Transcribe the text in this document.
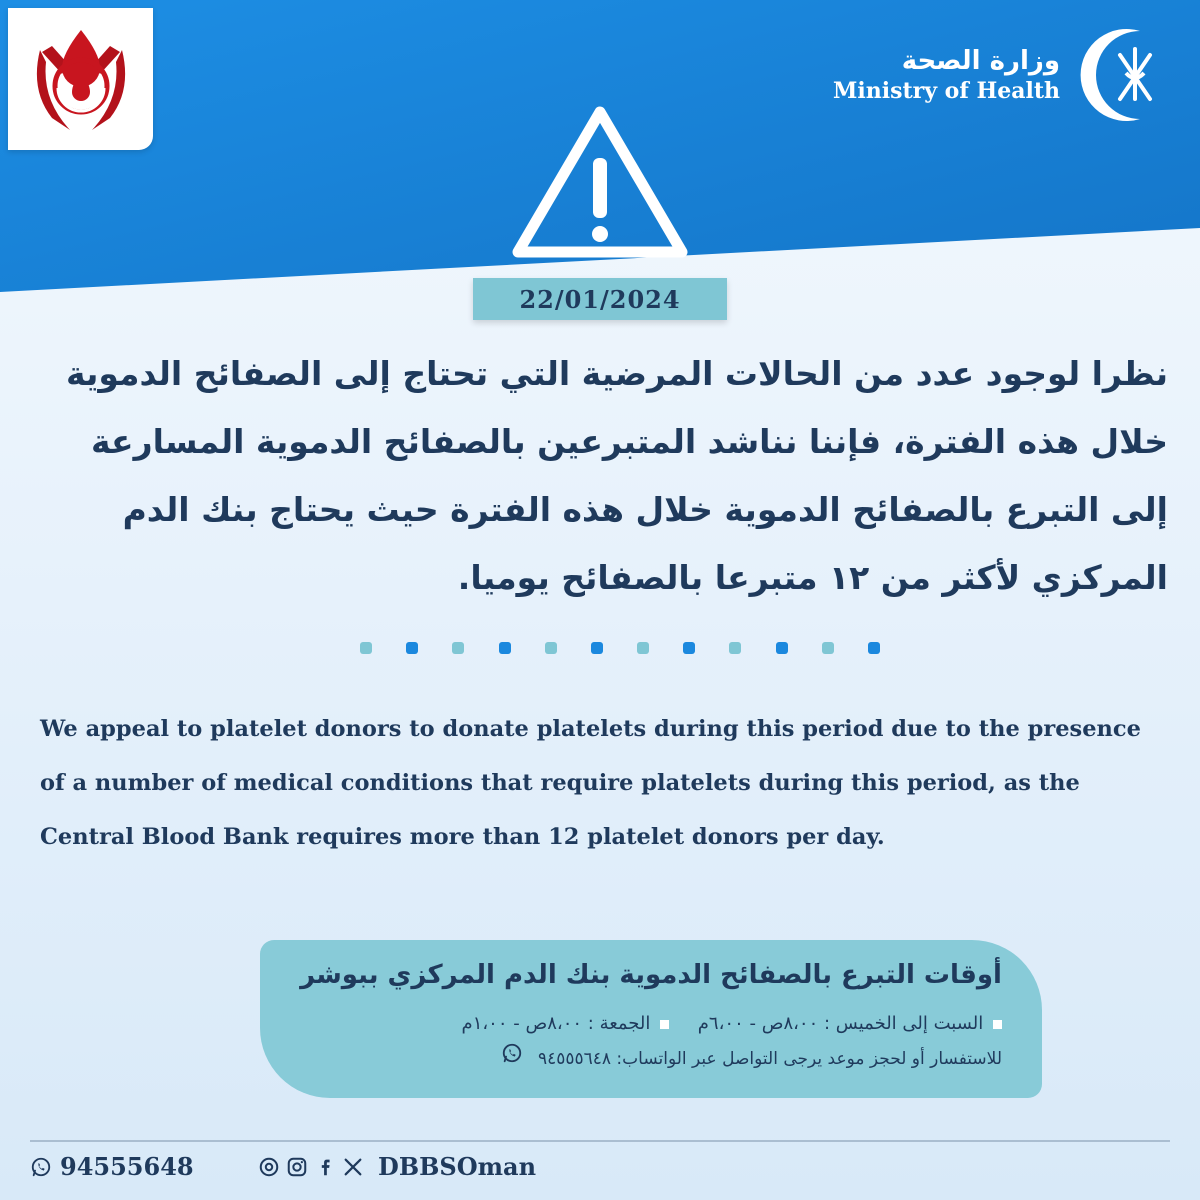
وزارة الصحة
Ministry of Health
22/01/2024
نظرا لوجود عدد من الحالات المرضية التي تحتاج إلى الصفائح الدموية خلال هذه الفترة، فإننا نناشد المتبرعين بالصفائح الدموية المسارعة إلى التبرع بالصفائح الدموية خلال هذه الفترة حيث يحتاج بنك الدم المركزي لأكثر من ١٢ متبرعا بالصفائح يوميا.
We appeal to platelet donors to donate platelets during this period due to the presence of a number of medical conditions that require platelets during this period, as the Central Blood Bank requires more than 12 platelet donors per day.
أوقات التبرع بالصفائح الدموية بنك الدم المركزي ببوشر
السبت إلى الخميس : ٨،٠٠ص - ٦،٠٠م      الجمعة : ٨،٠٠ص - ١،٠٠م
للاستفسار أو لحجز موعد يرجى التواصل عبر الواتساب: ٩٤٥٥٥٦٤٨
94555648	DBBSOman
